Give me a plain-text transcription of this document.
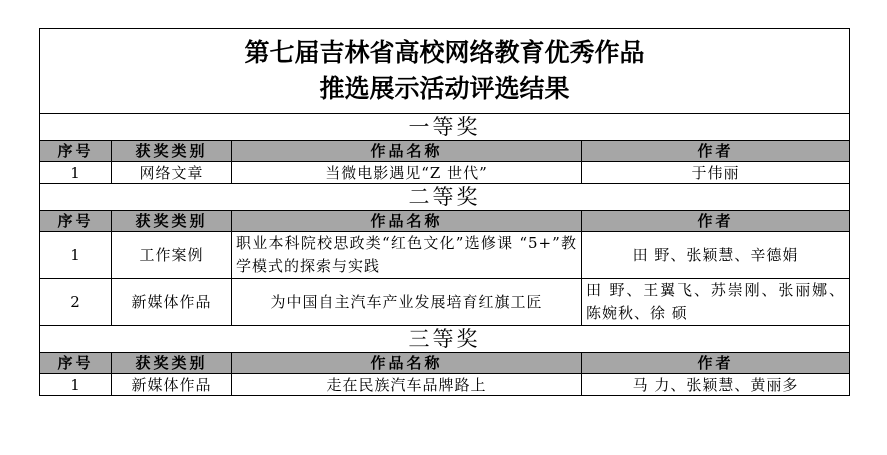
第七届吉林省高校网络教育优秀作品
推选展示活动评选结果			

一等奖			
序号	获奖类别	作品名称	作者
1	网络文章	当微电影遇见“Z 世代”	于伟丽
二等奖			
序号	获奖类别	作品名称	作者
1	工作案例	职业本科院校思政类“红色文化”选修课 “5+”教学模式的探索与实践	田 野、张颖慧、辛德娟
2	新媒体作品	为中国自主汽车产业发展培育红旗工匠	田 野、王翼飞、苏崇刚、张丽娜、陈婉秋、徐 硕
三等奖			
序号	获奖类别	作品名称	作者
1	新媒体作品	走在民族汽车品牌路上	马 力、张颖慧、黄丽多
